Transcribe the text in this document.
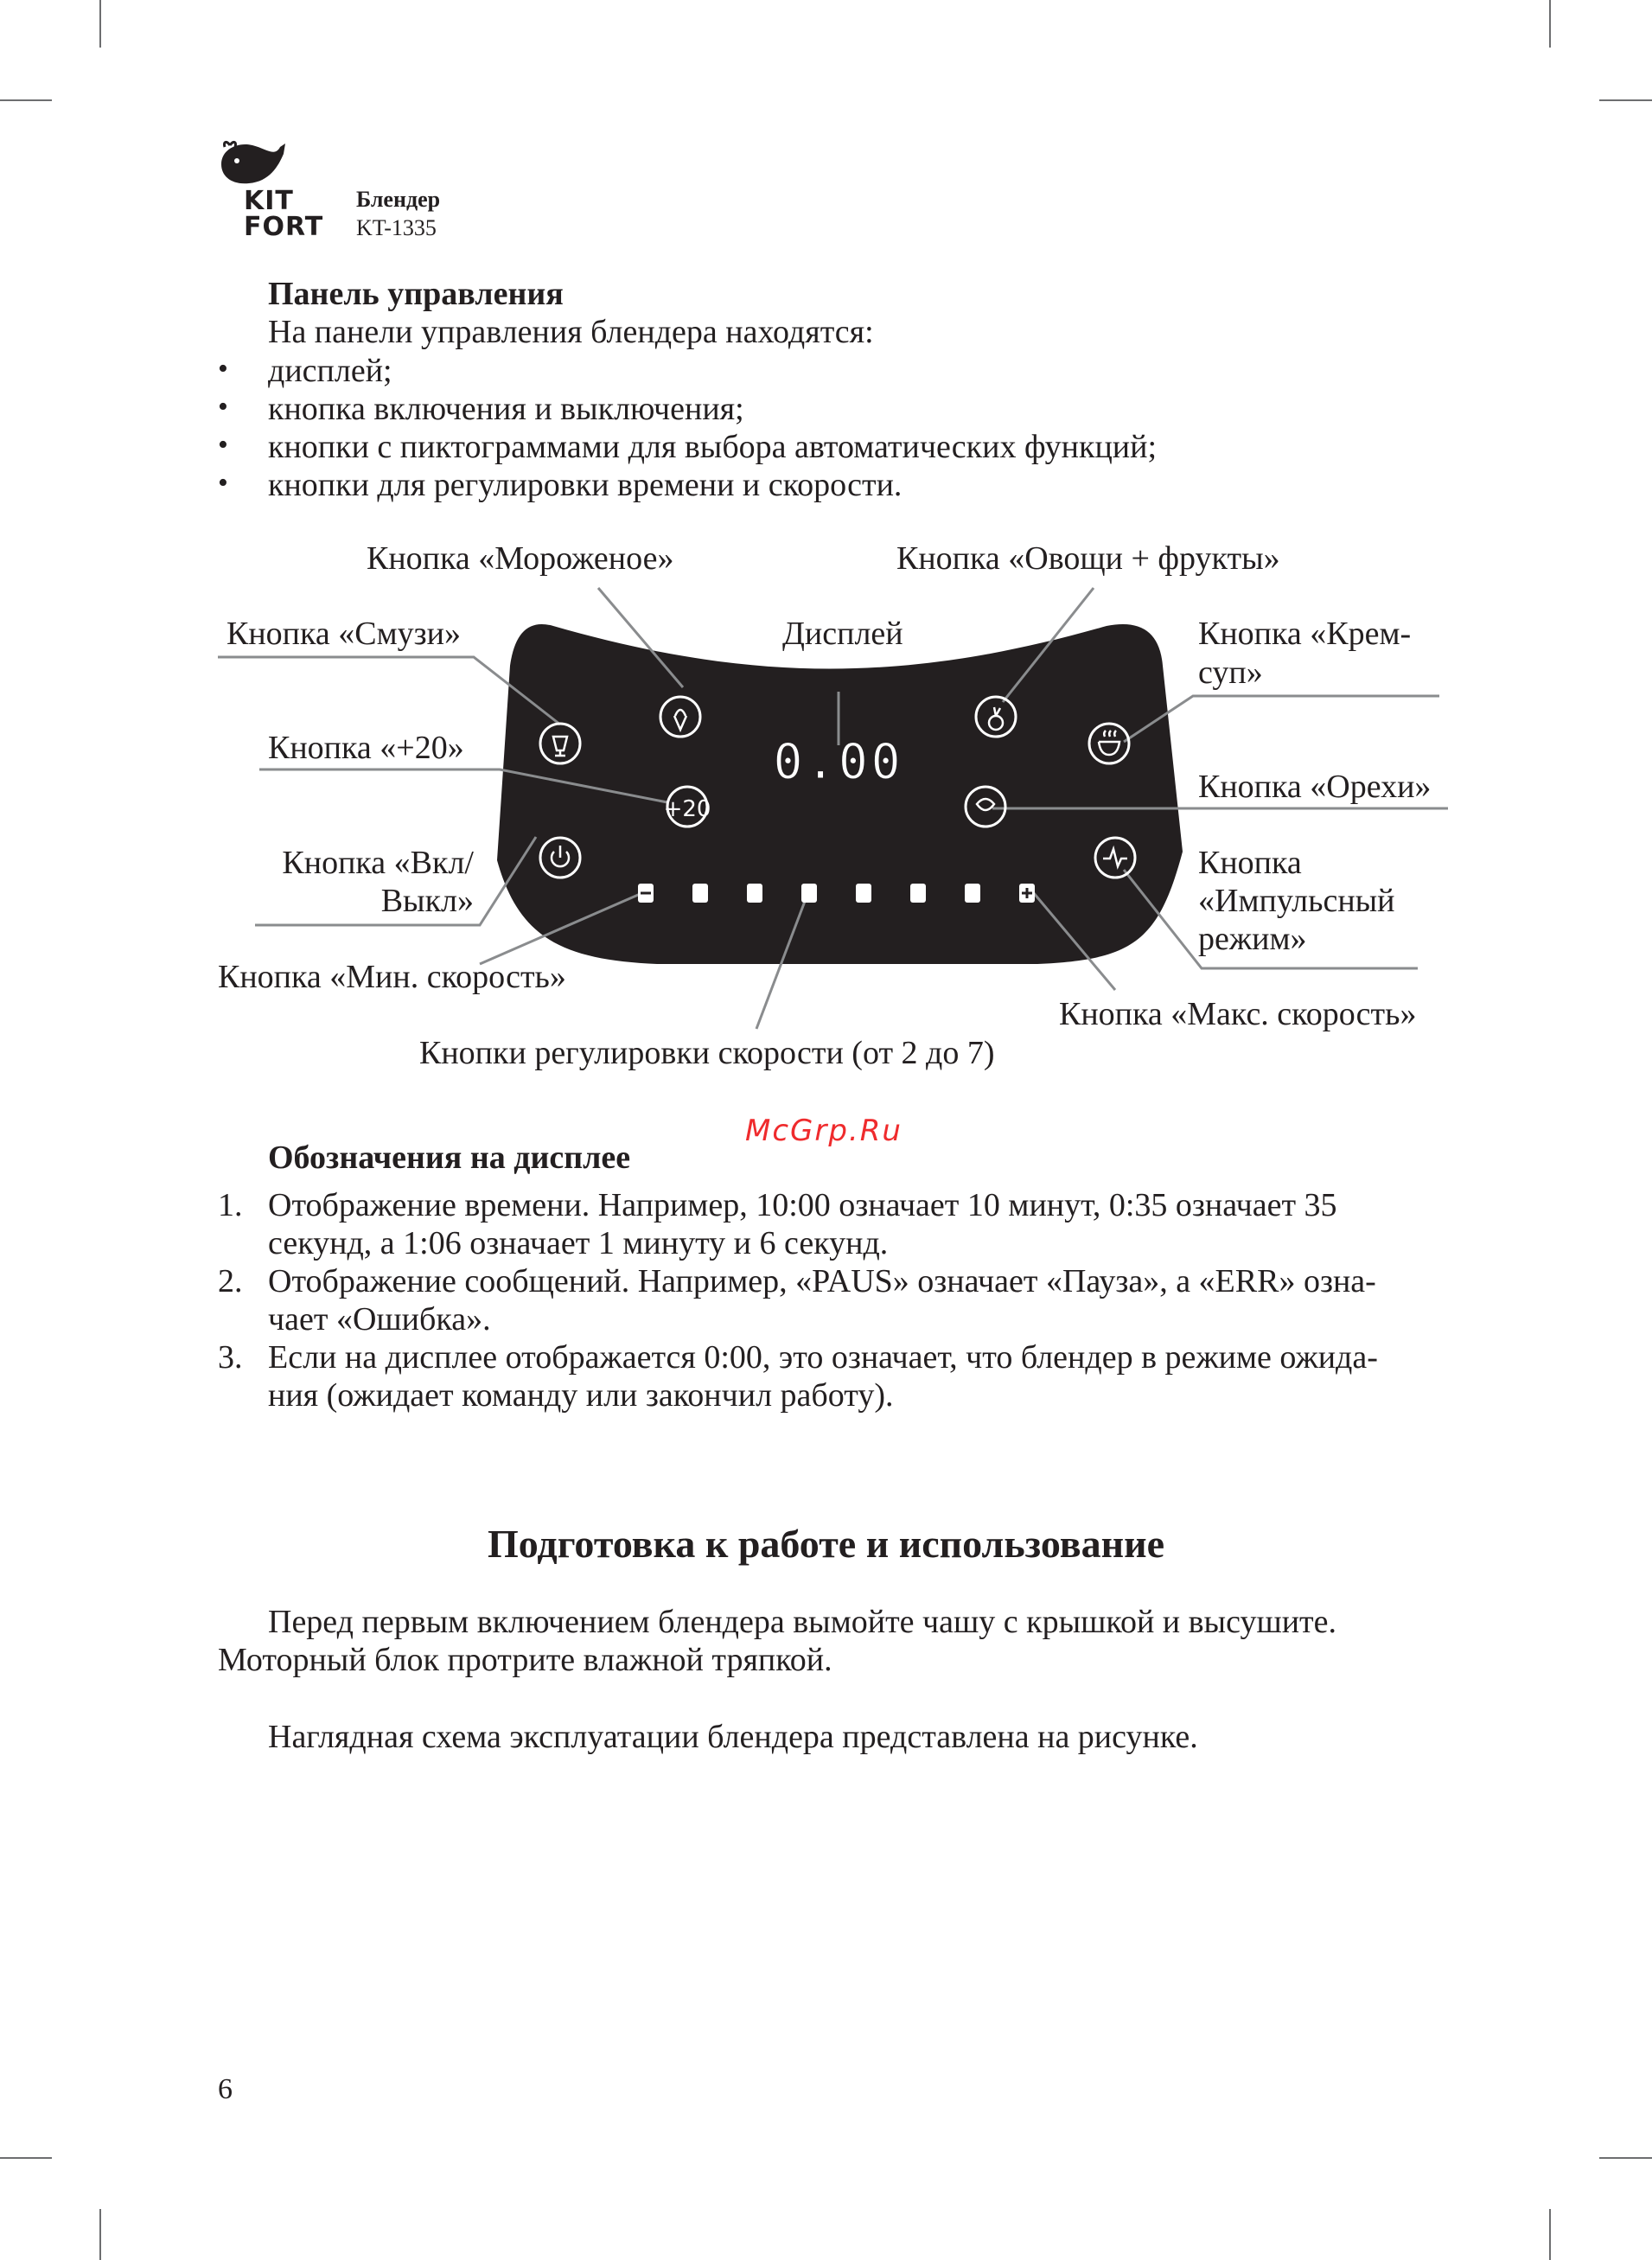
KIT
FORT
Блендер
KT-1335
Панель управления
На панели управления блендера находятся:
• дисплей;
• кнопка включения и выключения;
• кнопки с пиктограммами для выбора автоматических функций;
• кнопки для регулировки времени и скорости.
+20
0.00
Кнопка «Мороженое»	Кнопка «Овощи + фрукты»
Кнопка «Смузи»	Дисплей	Кнопка «Крем-
суп»
Кнопка «+20»
Кнопка «Орехи»
Кнопка «Вкл/
Выкл»
Кнопка
«Импульсный
режим»
Кнопка «Мин. скорость»
Кнопка «Макс. скорость»
Кнопки регулировки скорости (от 2 до 7)
McGrp.Ru
Обозначения на дисплее
1. Отображение времени. Например, 10:00 означает 10 минут, 0:35 означает 35
секунд, а 1:06 означает 1 минуту и 6 секунд.
2. Отображение сообщений. Например, «PAUS» означает «Пауза», а «ERR» озна-
чает «Ошибка».
3. Если на дисплее отображается 0:00, это означает, что блендер в режиме ожида-
ния (ожидает команду или закончил работу).
Подготовка к работе и использование
Перед первым включением блендера вымойте чашу с крышкой и высушите.
Моторный блок протрите влажной тряпкой.
Наглядная схема эксплуатации блендера представлена на рисунке.
6
